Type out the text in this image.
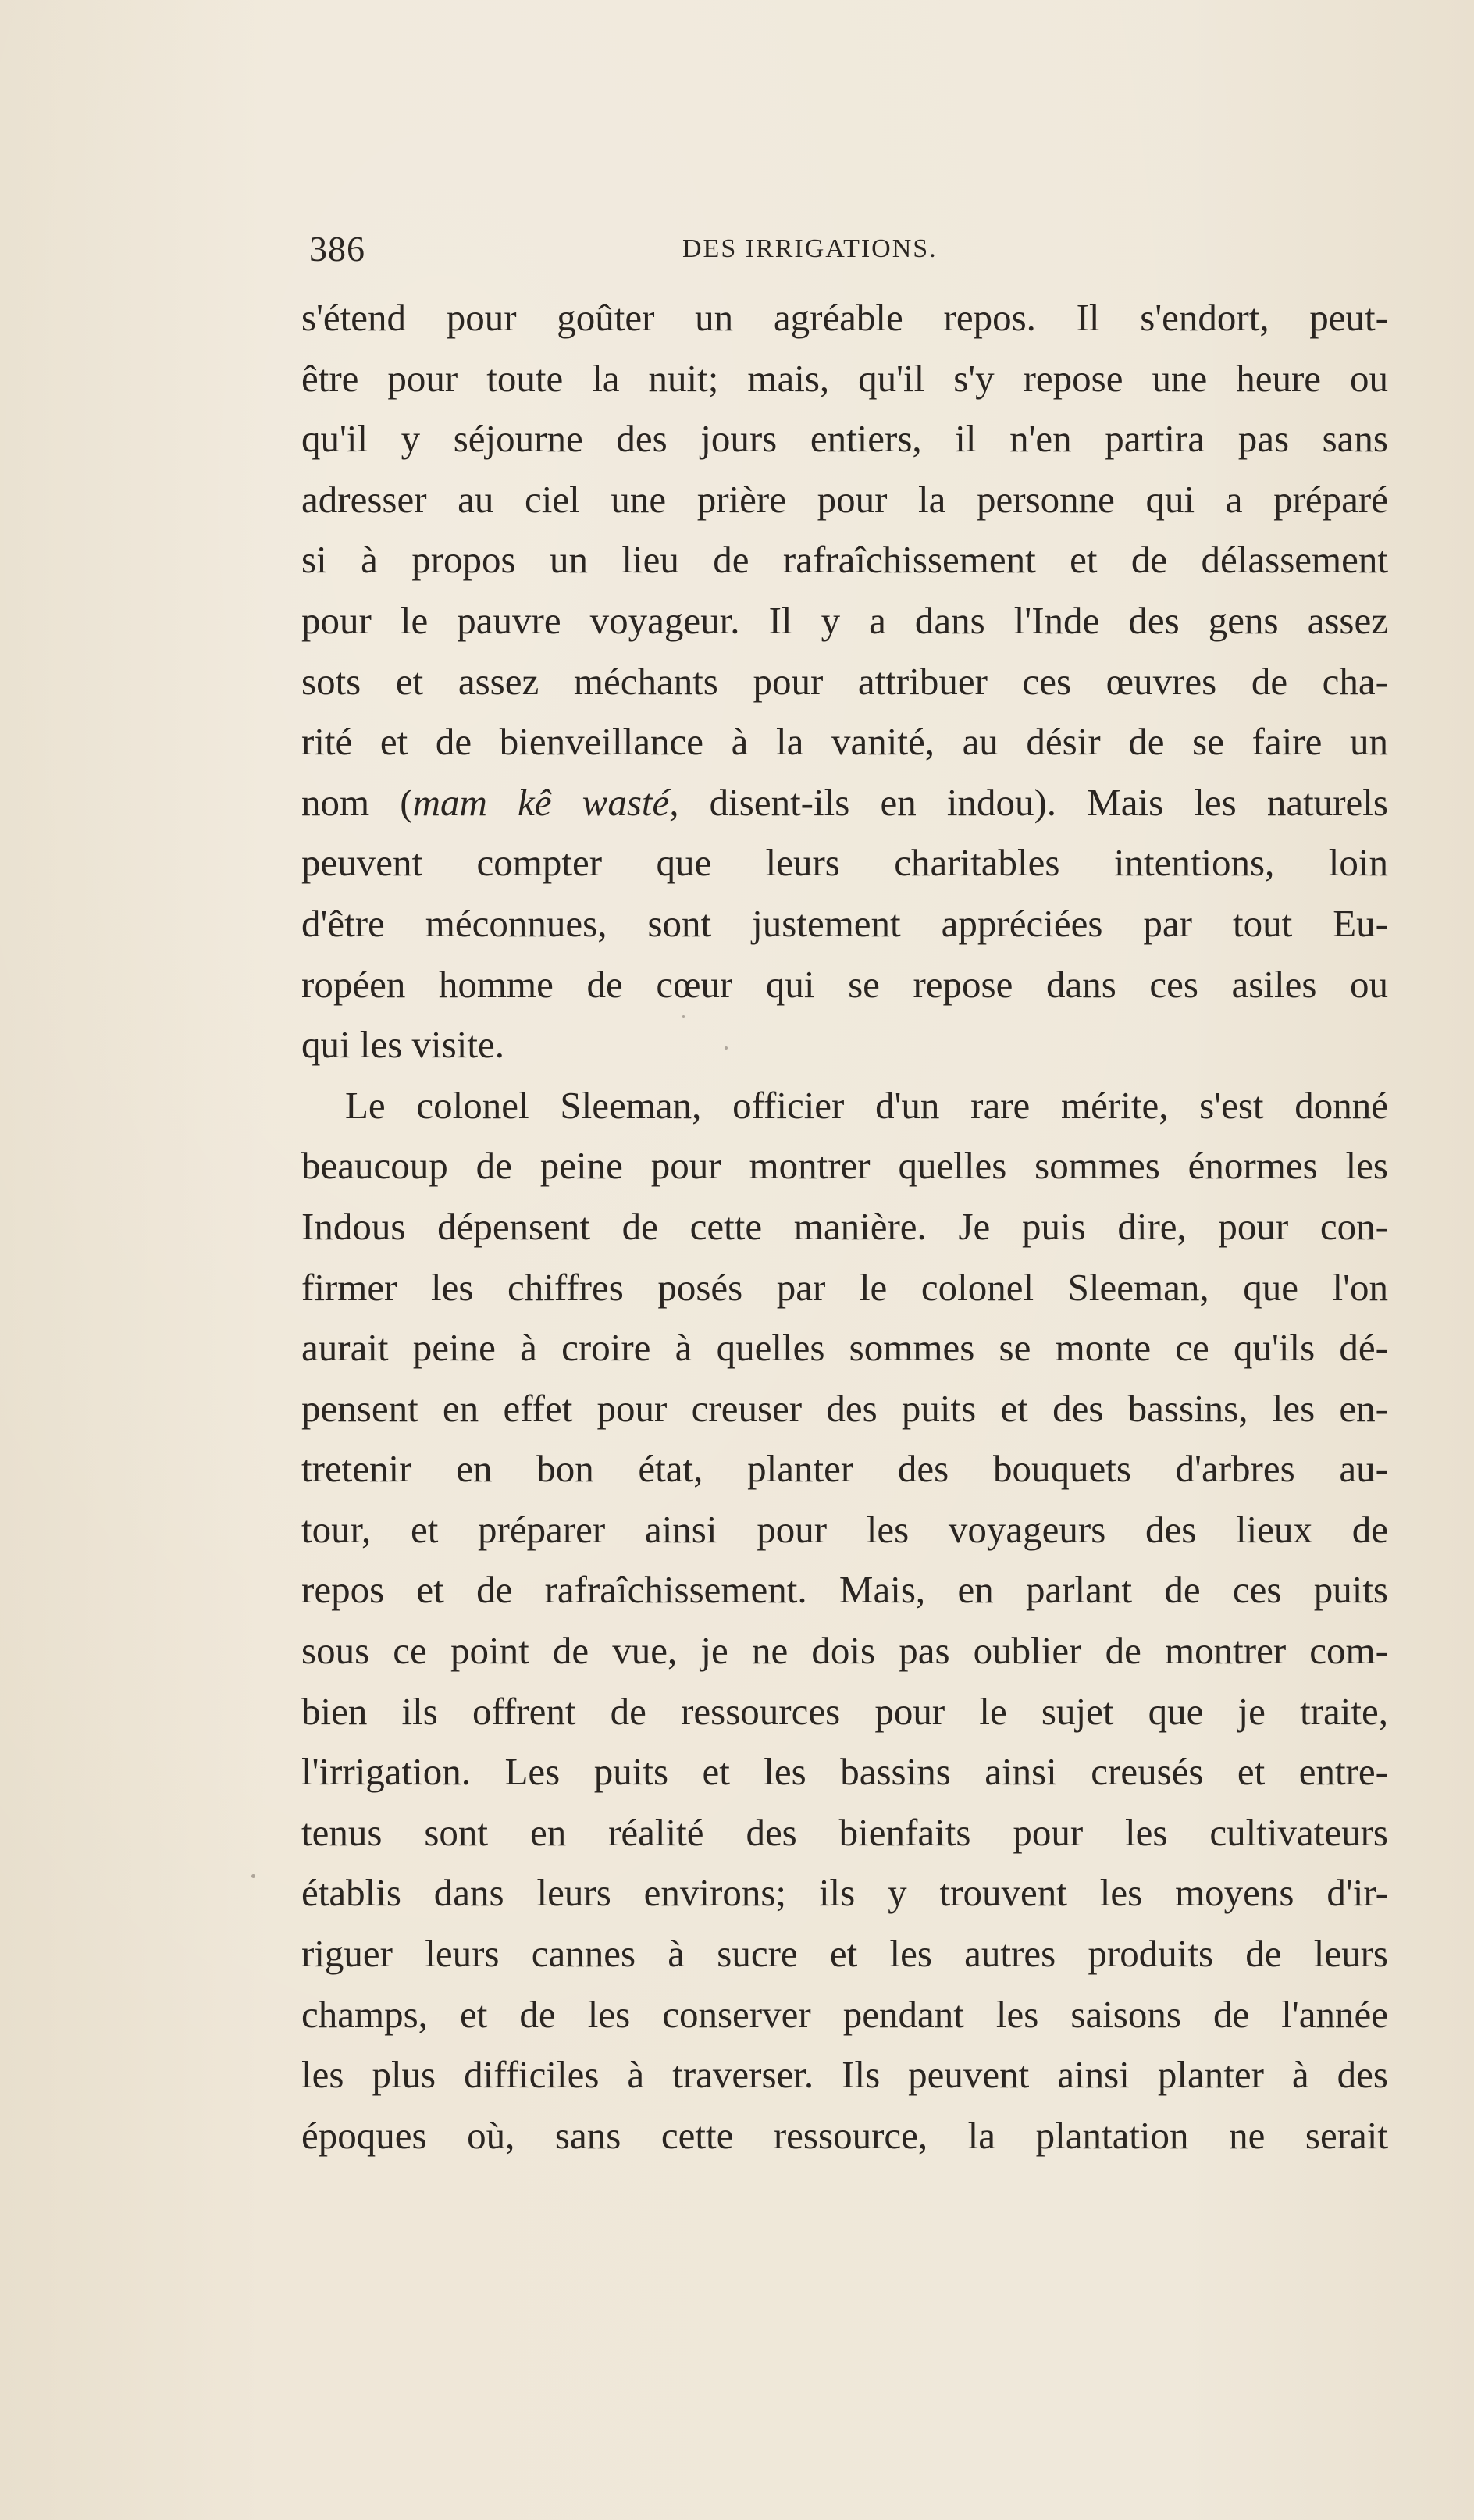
386	DES IRRIGATIONS.
s'étend pour goûter un agréable repos. Il s'endort, peut-
être pour toute la nuit; mais, qu'il s'y repose une heure ou
qu'il y séjourne des jours entiers, il n'en partira pas sans
adresser au ciel une prière pour la personne qui a préparé
si à propos un lieu de rafraîchissement et de délassement
pour le pauvre voyageur. Il y a dans l'Inde des gens assez
sots et assez méchants pour attribuer ces œuvres de cha-
rité et de bienveillance à la vanité, au désir de se faire un
nom (mam kê wasté, disent-ils en indou). Mais les naturels
peuvent compter que leurs charitables intentions, loin
d'être méconnues, sont justement appréciées par tout Eu-
ropéen homme de cœur qui se repose dans ces asiles ou
qui les visite.
Le colonel Sleeman, officier d'un rare mérite, s'est donné
beaucoup de peine pour montrer quelles sommes énormes les
Indous dépensent de cette manière. Je puis dire, pour con-
firmer les chiffres posés par le colonel Sleeman, que l'on
aurait peine à croire à quelles sommes se monte ce qu'ils dé-
pensent en effet pour creuser des puits et des bassins, les en-
tretenir en bon état, planter des bouquets d'arbres au-
tour, et préparer ainsi pour les voyageurs des lieux de
repos et de rafraîchissement. Mais, en parlant de ces puits
sous ce point de vue, je ne dois pas oublier de montrer com-
bien ils offrent de ressources pour le sujet que je traite,
l'irrigation. Les puits et les bassins ainsi creusés et entre-
tenus sont en réalité des bienfaits pour les cultivateurs
établis dans leurs environs; ils y trouvent les moyens d'ir-
riguer leurs cannes à sucre et les autres produits de leurs
champs, et de les conserver pendant les saisons de l'année
les plus difficiles à traverser. Ils peuvent ainsi planter à des
époques où, sans cette ressource, la plantation ne serait
